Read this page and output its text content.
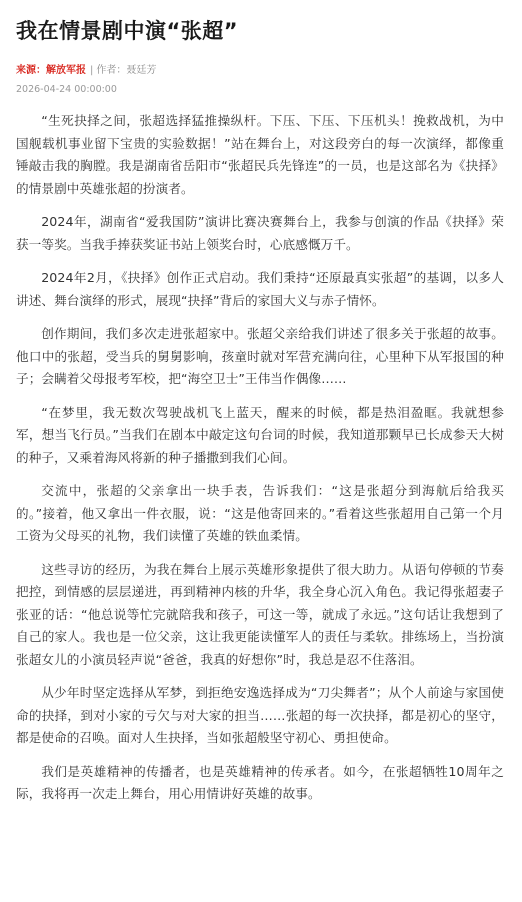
我在情景剧中演“张超”
来源：解放军报 | 作者：聂廷芳
2026-04-24 00:00:00

“生死抉择之间，张超选择猛推操纵杆。下压、下压、下压机头！挽救战机，为中国舰载机事业留下宝贵的实验数据！”站在舞台上，对这段旁白的每一次演绎，都像重锤敲击我的胸膛。我是湖南省岳阳市“张超民兵先锋连”的一员，也是这部名为《抉择》的情景剧中英雄张超的扮演者。

2024年，湖南省“爱我国防”演讲比赛决赛舞台上，我参与创演的作品《抉择》荣获一等奖。当我手捧获奖证书站上领奖台时，心底感慨万千。

2024年2月，《抉择》创作正式启动。我们秉持“还原最真实张超”的基调，以多人讲述、舞台演绎的形式，展现“抉择”背后的家国大义与赤子情怀。

创作期间，我们多次走进张超家中。张超父亲给我们讲述了很多关于张超的故事。他口中的张超，受当兵的舅舅影响，孩童时就对军营充满向往，心里种下从军报国的种子；会瞒着父母报考军校，把“海空卫士”王伟当作偶像……

“在梦里，我无数次驾驶战机飞上蓝天，醒来的时候，都是热泪盈眶。我就想参军，想当飞行员。”当我们在剧本中敲定这句台词的时候，我知道那颗早已长成参天大树的种子，又乘着海风将新的种子播撒到我们心间。

交流中，张超的父亲拿出一块手表，告诉我们：“这是张超分到海航后给我买的。”接着，他又拿出一件衣服，说：“这是他寄回来的。”看着这些张超用自己第一个月工资为父母买的礼物，我们读懂了英雄的铁血柔情。

这些寻访的经历，为我在舞台上展示英雄形象提供了很大助力。从语句停顿的节奏把控，到情感的层层递进，再到精神内核的升华，我全身心沉入角色。我记得张超妻子张亚的话：“他总说等忙完就陪我和孩子，可这一等，就成了永远。”这句话让我想到了自己的家人。我也是一位父亲，这让我更能读懂军人的责任与柔软。排练场上，当扮演张超女儿的小演员轻声说“爸爸，我真的好想你”时，我总是忍不住落泪。

从少年时坚定选择从军梦，到拒绝安逸选择成为“刀尖舞者”；从个人前途与家国使命的抉择，到对小家的亏欠与对大家的担当……张超的每一次抉择，都是初心的坚守，都是使命的召唤。面对人生抉择，当如张超般坚守初心、勇担使命。

我们是英雄精神的传播者，也是英雄精神的传承者。如今，在张超牺牲10周年之际，我将再一次走上舞台，用心用情讲好英雄的故事。
